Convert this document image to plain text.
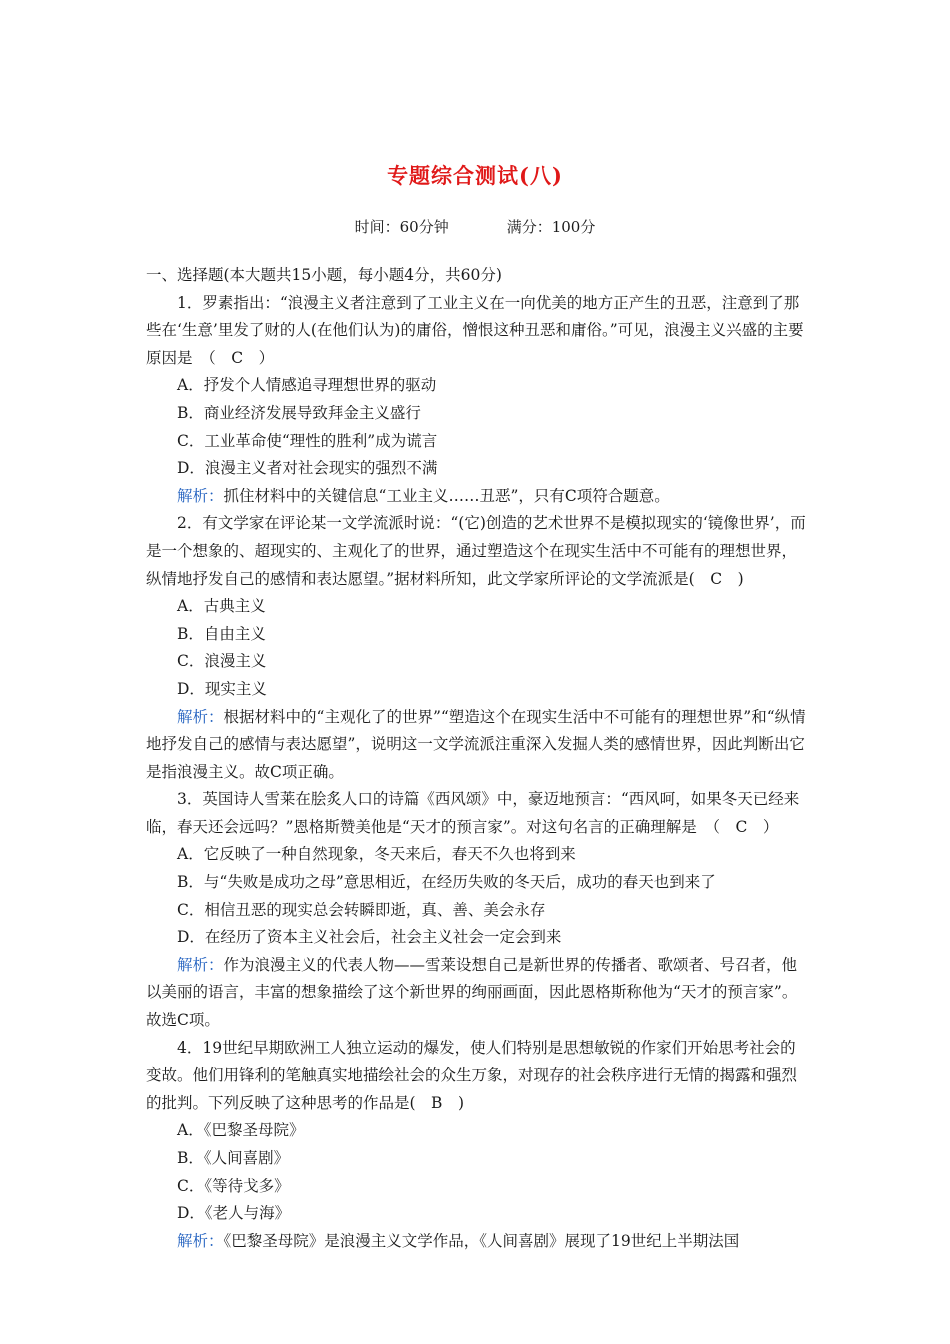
专题综合测试(八)
时间：60分钟	满分：100分

一、选择题(本大题共15小题，每小题4分，共60分)

1．罗素指出：“浪漫主义者注意到了工业主义在一向优美的地方正产生的丑恶，注意到了那些在‘生意’里发了财的人(在他们认为)的庸俗，憎恨这种丑恶和庸俗。”可见，浪漫主义兴盛的主要原因是　（　C　）

A．抒发个人情感追寻理想世界的驱动

B．商业经济发展导致拜金主义盛行

C．工业革命使“理性的胜利”成为谎言

D．浪漫主义者对社会现实的强烈不满

解析：抓住材料中的关键信息“工业主义……丑恶”，只有C项符合题意。

2．有文学家在评论某一文学流派时说：“(它)创造的艺术世界不是模拟现实的‘镜像世界’，而是一个想象的、超现实的、主观化了的世界，通过塑造这个在现实生活中不可能有的理想世界，纵情地抒发自己的感情和表达愿望。”据材料所知，此文学家所评论的文学流派是(　C　)

A．古典主义
B．自由主义
C．浪漫主义
D．现实主义

解析：根据材料中的“主观化了的世界”“塑造这个在现实生活中不可能有的理想世界”和“纵情地抒发自己的感情与表达愿望”，说明这一文学流派注重深入发掘人类的感情世界，因此判断出它是指浪漫主义。故C项正确。

3．英国诗人雪莱在脍炙人口的诗篇《西风颂》中，豪迈地预言：“西风呵，如果冬天已经来临，春天还会远吗？”恩格斯赞美他是“天才的预言家”。对这句名言的正确理解是　（　C　）

A．它反映了一种自然现象，冬天来后，春天不久也将到来

B．与“失败是成功之母”意思相近，在经历失败的冬天后，成功的春天也到来了

C．相信丑恶的现实总会转瞬即逝，真、善、美会永存

D．在经历了资本主义社会后，社会主义社会一定会到来

解析：作为浪漫主义的代表人物——雪莱设想自己是新世界的传播者、歌颂者、号召者，他以美丽的语言，丰富的想象描绘了这个新世界的绚丽画面，因此恩格斯称他为“天才的预言家”。故选C项。

4．19世纪早期欧洲工人独立运动的爆发，使人们特别是思想敏锐的作家们开始思考社会的变故。他们用锋利的笔触真实地描绘社会的众生万象，对现存的社会秩序进行无情的揭露和强烈的批判。下列反映了这种思考的作品是(　B　)

A．《巴黎圣母院》
B．《人间喜剧》
C．《等待戈多》
D．《老人与海》

解析：《巴黎圣母院》是浪漫主义文学作品，《人间喜剧》展现了19世纪上半期法国
